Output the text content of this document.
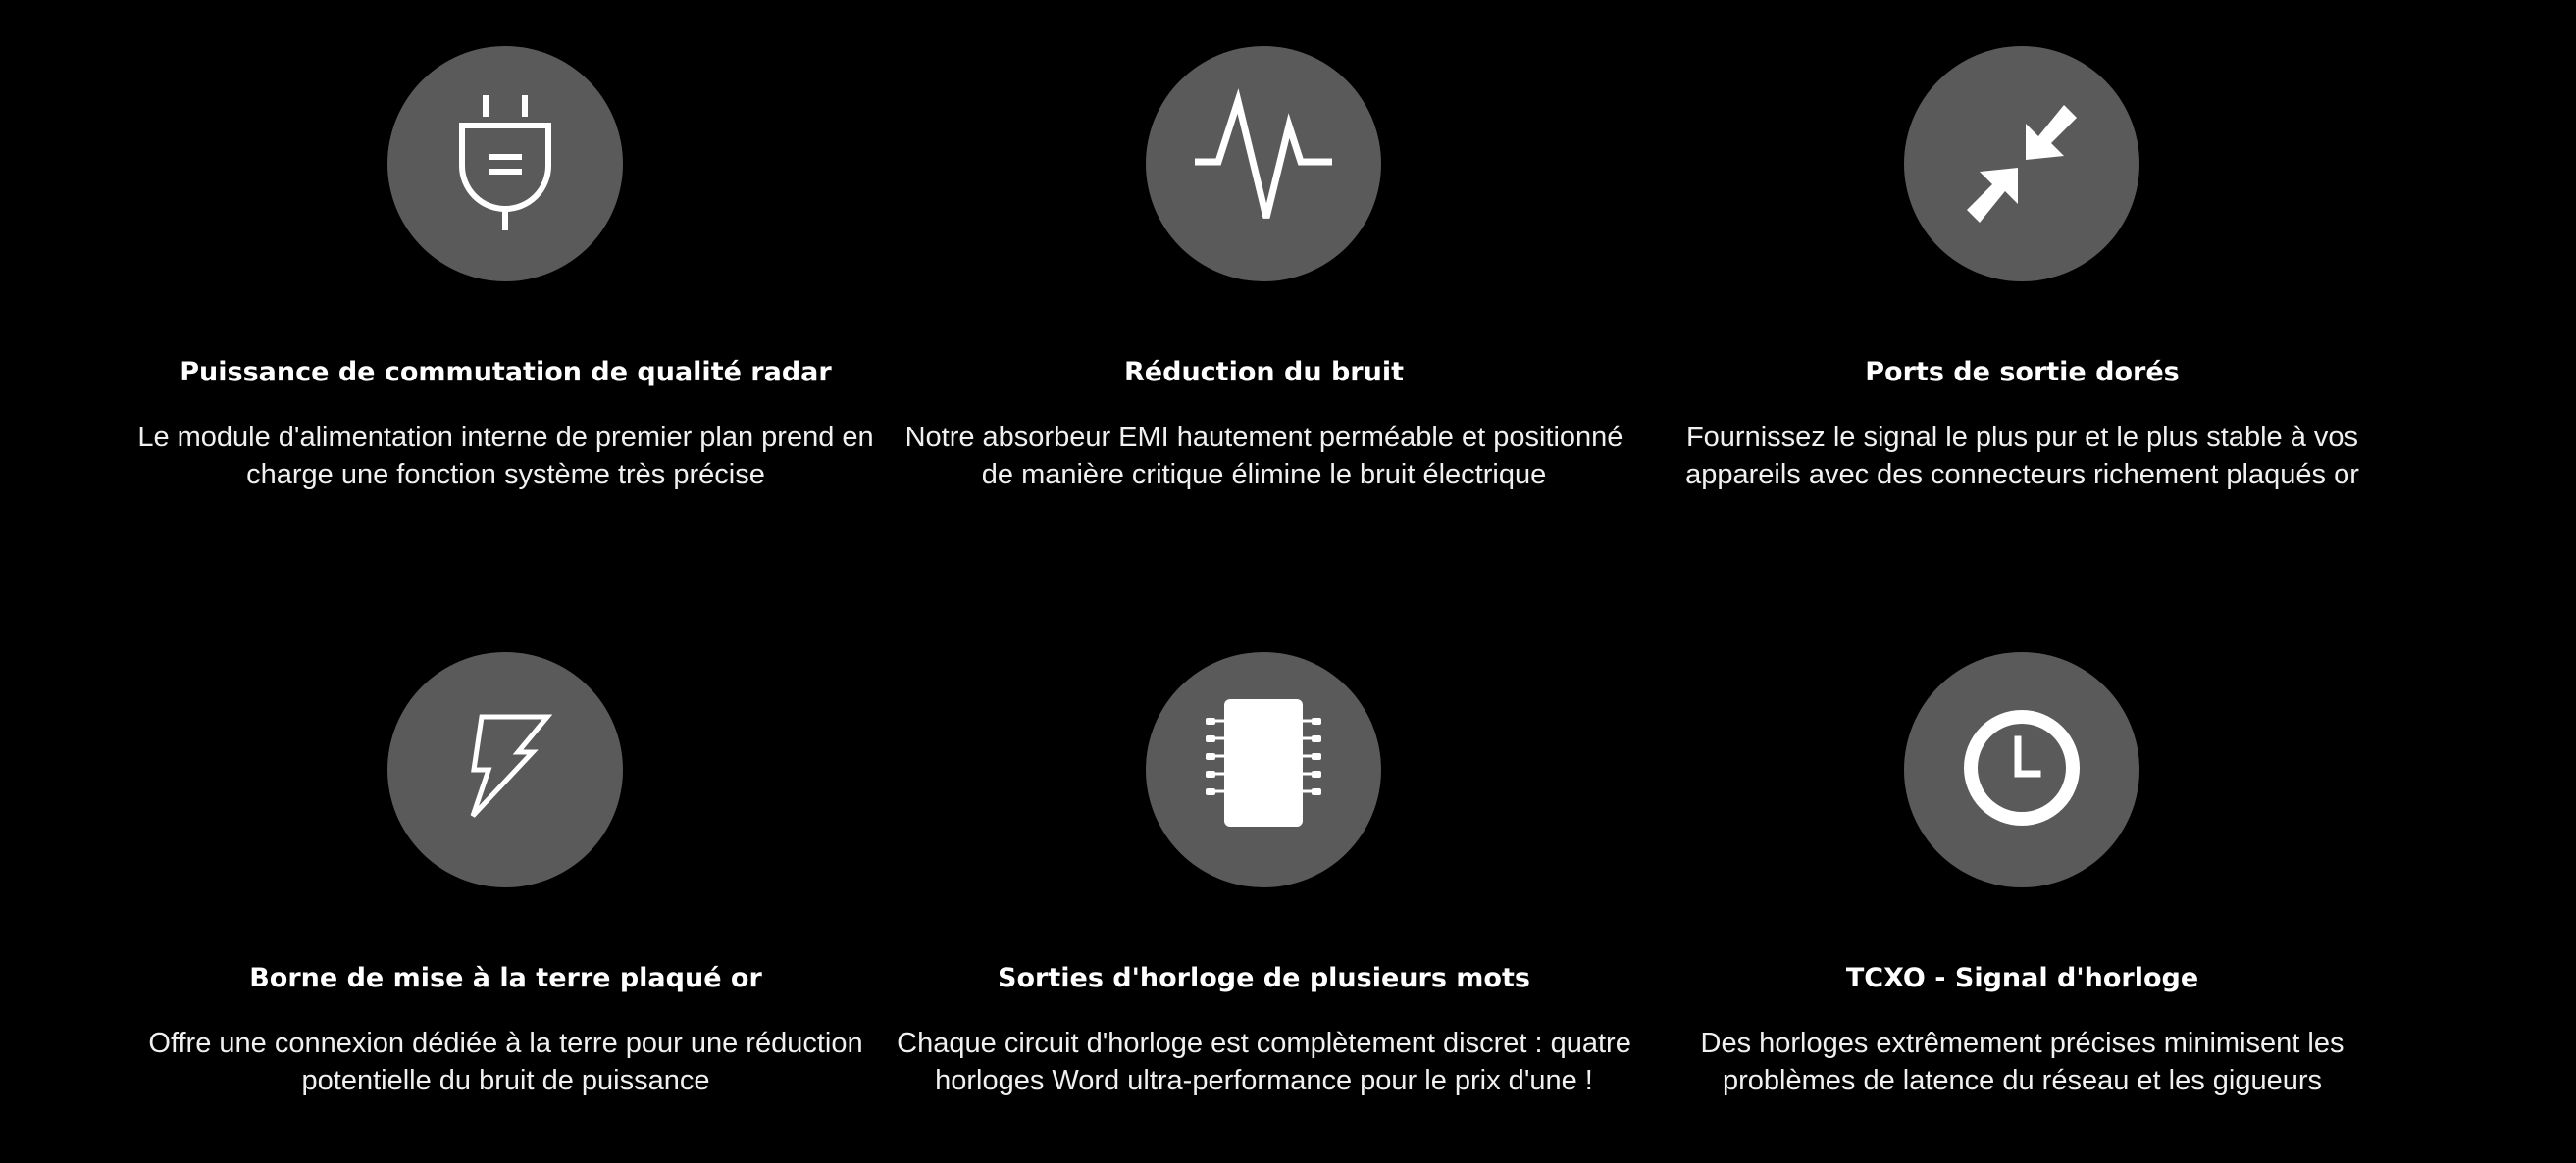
Puissance de commutation de qualité radar

Le module d'alimentation interne de premier plan prend en charge une fonction système très précise

Réduction du bruit

Notre absorbeur EMI hautement perméable et positionné de manière critique élimine le bruit électrique

Ports de sortie dorés

Fournissez le signal le plus pur et le plus stable à vos appareils avec des connecteurs richement plaqués or

Borne de mise à la terre plaqué or

Offre une connexion dédiée à la terre pour une réduction potentielle du bruit de puissance

Sorties d'horloge de plusieurs mots

Chaque circuit d'horloge est complètement discret : quatre horloges Word ultra-performance pour le prix d'une !

TCXO - Signal d'horloge

Des horloges extrêmement précises minimisent les problèmes de latence du réseau et les gigueurs
